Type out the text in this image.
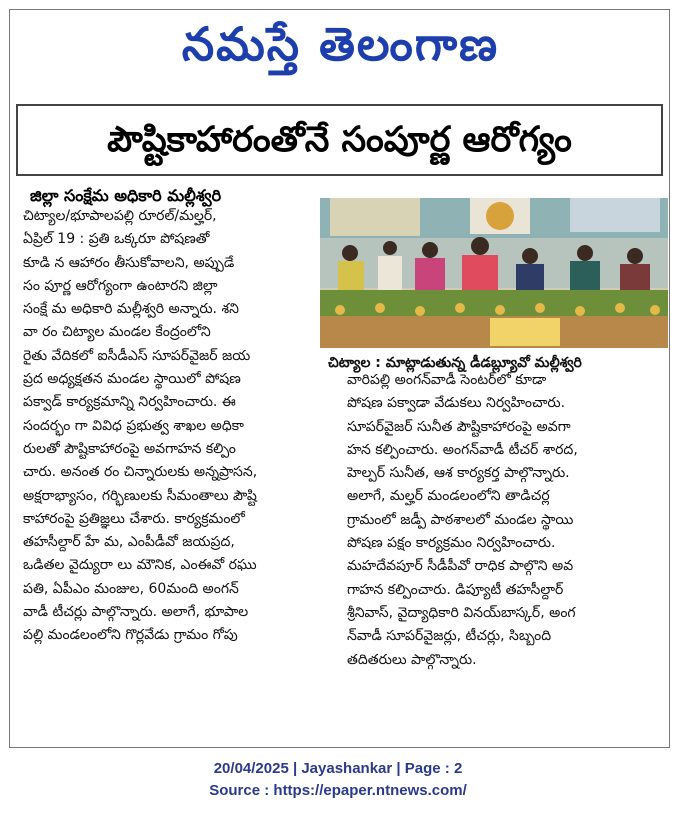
నమస్తే తెలంగాణ
పౌష్టికాహారంతోనే సంపూర్ణ ఆరోగ్యం
జిల్లా సంక్షేమ అధికారి మల్లీశ్వరి
చిట్యాల : మాట్లాడుతున్న డీడబ్ల్యూవో మల్లీశ్వరి
చిట్యాల/భూపాలపల్లి రూరల్/మల్హర్,
ఏప్రిల్ 19 : ప్రతి ఒక్కరూ పోషణతో
కూడి న ఆహారం తీసుకోవాలని, అప్పుడే
సం పూర్ణ ఆరోగ్యంగా ఉంటారని జిల్లా
సంక్షే మ అధికారి మల్లీశ్వరి అన్నారు. శని
వా రం చిట్యాల మండల కేంద్రంలోని
రైతు వేదికలో ఐసీడీఎస్ సూపర్‌వైజర్ జయ
ప్రద అధ్యక్షతన మండల స్థాయిలో పోషణ
పక్వాడ్ కార్యక్రమాన్ని నిర్వహించారు. ఈ
సందర్భం గా వివిధ ప్రభుత్వ శాఖల అధికా
రులతో పౌష్టికాహారంపై అవగాహన కల్పిం
చారు. అనంత రం చిన్నారులకు అన్నప్రాసన,
అక్షరాభ్యాసం, గర్భిణులకు సీమంతాలు పౌష్టి
కాహారంపై ప్రతిజ్ఞలు చేశారు. కార్యక్రమంలో
తహసీల్దార్ హే మ, ఎంపీడీవో జయప్రద,
ఒడితల వైద్యురా లు మౌనిక, ఎంఈవో రఘు
పతి, ఏపీఎం మంజుల, 60మంది అంగన్
వాడీ టీచర్లు పాల్గొన్నారు. అలాగే, భూపాల
పల్లి మండలంలోని గొర్లవేడు గ్రామం గోపు
వారిపల్లి అంగన్‌వాడీ సెంటర్‌లో కూడా
పోషణ పక్వాడా వేడుకలు నిర్వహించారు.
సూపర్‌వైజర్ సునీత పౌష్టికాహారంపై అవగా
హన కల్పించారు. అంగన్‌వాడీ టీచర్ శారద,
హెల్పర్ సునీత, ఆశ కార్యకర్త పాల్గొన్నారు.
అలాగే, మల్హర్ మండలంలోని తాడిచర్ల
గ్రామంలో జడ్పీ పాఠశాలలో మండల స్థాయి
పోషణ పక్షం కార్యక్రమం నిర్వహించారు.
మహదేవపూర్ సీడీపీవో రాధిక పాల్గొని అవ
గాహన కల్పించారు. డిప్యూటీ తహసీల్దార్
శ్రీనివాస్, వైద్యాధికారి వినయ్‌బాస్కర్, అంగ
న్‌వాడీ సూపర్‌వైజర్లు, టీచర్లు, సిబ్బంది
తదితరులు పాల్గొన్నారు.
20/04/2025 | Jayashankar | Page : 2
Source : https://epaper.ntnews.com/
